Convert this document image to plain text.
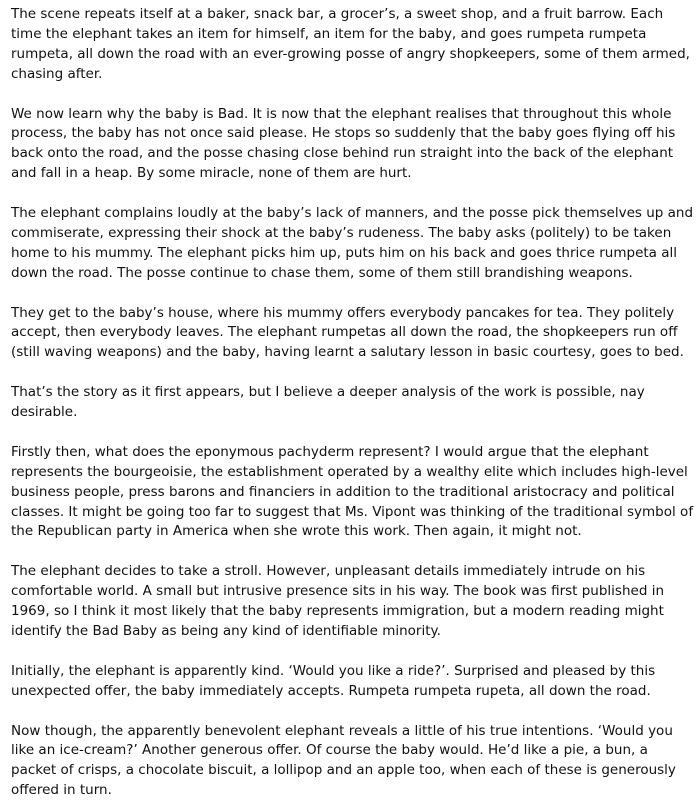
The scene repeats itself at a baker, snack bar, a grocer’s, a sweet shop, and a fruit barrow. Each time the elephant takes an item for himself, an item for the baby, and goes rumpeta rumpeta rumpeta, all down the road with an ever-growing posse of angry shopkeepers, some of them armed, chasing after.

We now learn why the baby is Bad. It is now that the elephant realises that throughout this whole process, the baby has not once said please. He stops so suddenly that the baby goes flying off his back onto the road, and the posse chasing close behind run straight into the back of the elephant and fall in a heap. By some miracle, none of them are hurt.

The elephant complains loudly at the baby’s lack of manners, and the posse pick themselves up and commiserate, expressing their shock at the baby’s rudeness. The baby asks (politely) to be taken home to his mummy. The elephant picks him up, puts him on his back and goes thrice rumpeta all down the road. The posse continue to chase them, some of them still brandishing weapons.

They get to the baby’s house, where his mummy offers everybody pancakes for tea. They politely accept, then everybody leaves. The elephant rumpetas all down the road, the shopkeepers run off (still waving weapons) and the baby, having learnt a salutary lesson in basic courtesy, goes to bed.

That’s the story as it first appears, but I believe a deeper analysis of the work is possible, nay desirable.

Firstly then, what does the eponymous pachyderm represent? I would argue that the elephant represents the bourgeoisie, the establishment operated by a wealthy elite which includes high-level business people, press barons and financiers in addition to the traditional aristocracy and political classes. It might be going too far to suggest that Ms. Vipont was thinking of the traditional symbol of the Republican party in America when she wrote this work. Then again, it might not.

The elephant decides to take a stroll. However, unpleasant details immediately intrude on his comfortable world. A small but intrusive presence sits in his way. The book was first published in 1969, so I think it most likely that the baby represents immigration, but a modern reading might identify the Bad Baby as being any kind of identifiable minority.

Initially, the elephant is apparently kind. ‘Would you like a ride?’. Surprised and pleased by this unexpected offer, the baby immediately accepts. Rumpeta rumpeta rupeta, all down the road.

Now though, the apparently benevolent elephant reveals a little of his true intentions. ‘Would you like an ice-cream?’ Another generous offer. Of course the baby would. He’d like a pie, a bun, a packet of crisps, a chocolate biscuit, a lollipop and an apple too, when each of these is generously offered in turn.
